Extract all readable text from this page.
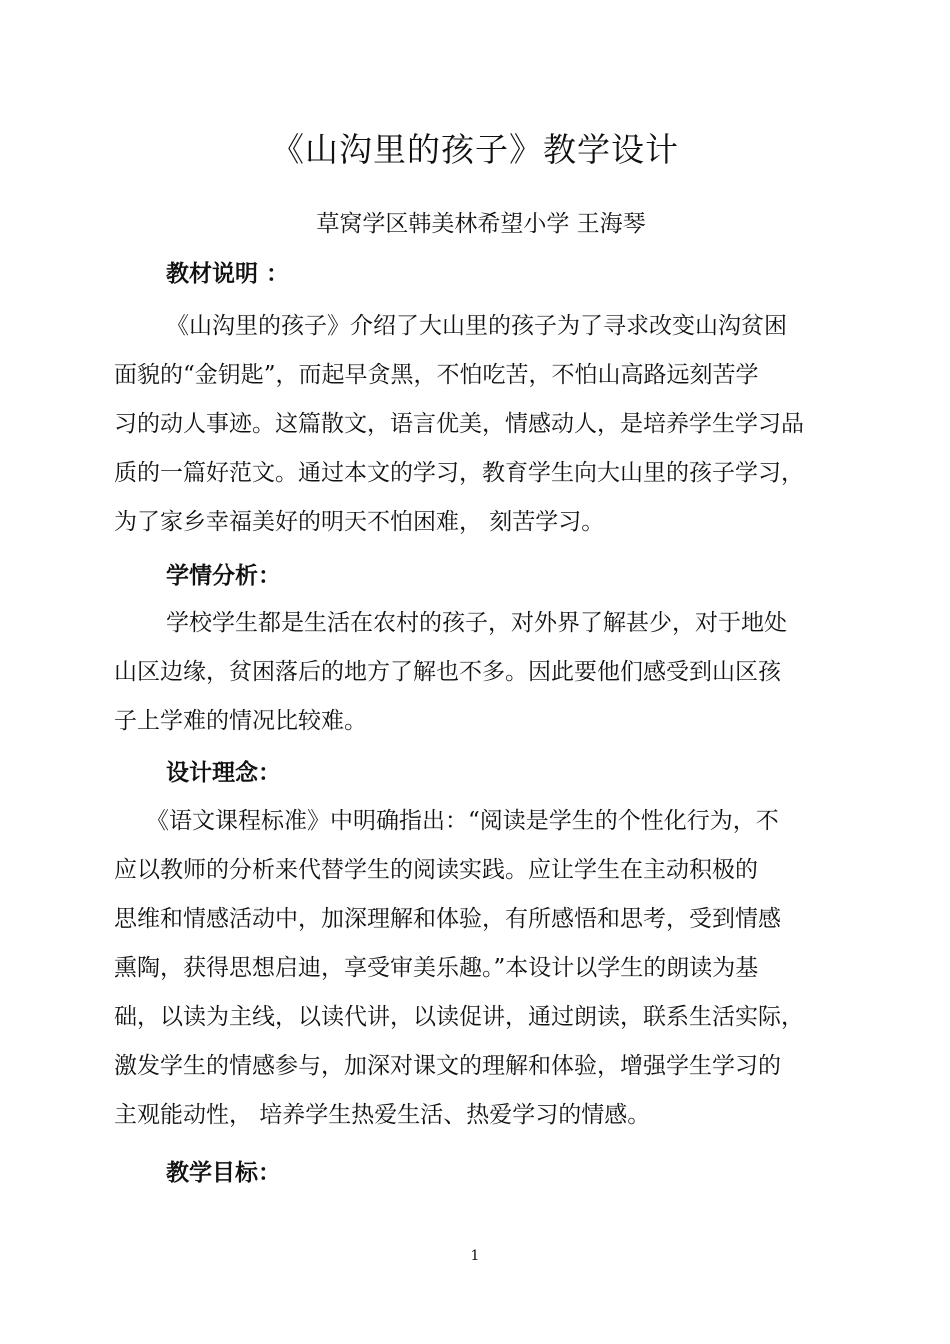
《山沟里的孩子》教学设计
草窝学区韩美林希望小学 王海琴
教材说明 ：
《山沟里的孩子》介绍了大山里的孩子为了寻求改变山沟贫困
面貌的“金钥匙”，而起早贪黑，不怕吃苦，不怕山高路远刻苦学
习的动人事迹。这篇散文，语言优美，情感动人，是培养学生学习品
质的一篇好范文。通过本文的学习，教育学生向大山里的孩子学习，
为了家乡幸福美好的明天不怕困难， 刻苦学习。
学情分析：
学校学生都是生活在农村的孩子，对外界了解甚少，对于地处
山区边缘，贫困落后的地方了解也不多。因此要他们感受到山区孩
子上学难的情况比较难。
设计理念：
《语文课程标准》中明确指出：“阅读是学生的个性化行为，不
应以教师的分析来代替学生的阅读实践。应让学生在主动积极的
思维和情感活动中，加深理解和体验，有所感悟和思考，受到情感
熏陶，获得思想启迪，享受审美乐趣。”本设计以学生的朗读为基
础，以读为主线，以读代讲，以读促讲，通过朗读，联系生活实际，
激发学生的情感参与，加深对课文的理解和体验，增强学生学习的
主观能动性， 培养学生热爱生活、热爱学习的情感。
教学目标：
1
